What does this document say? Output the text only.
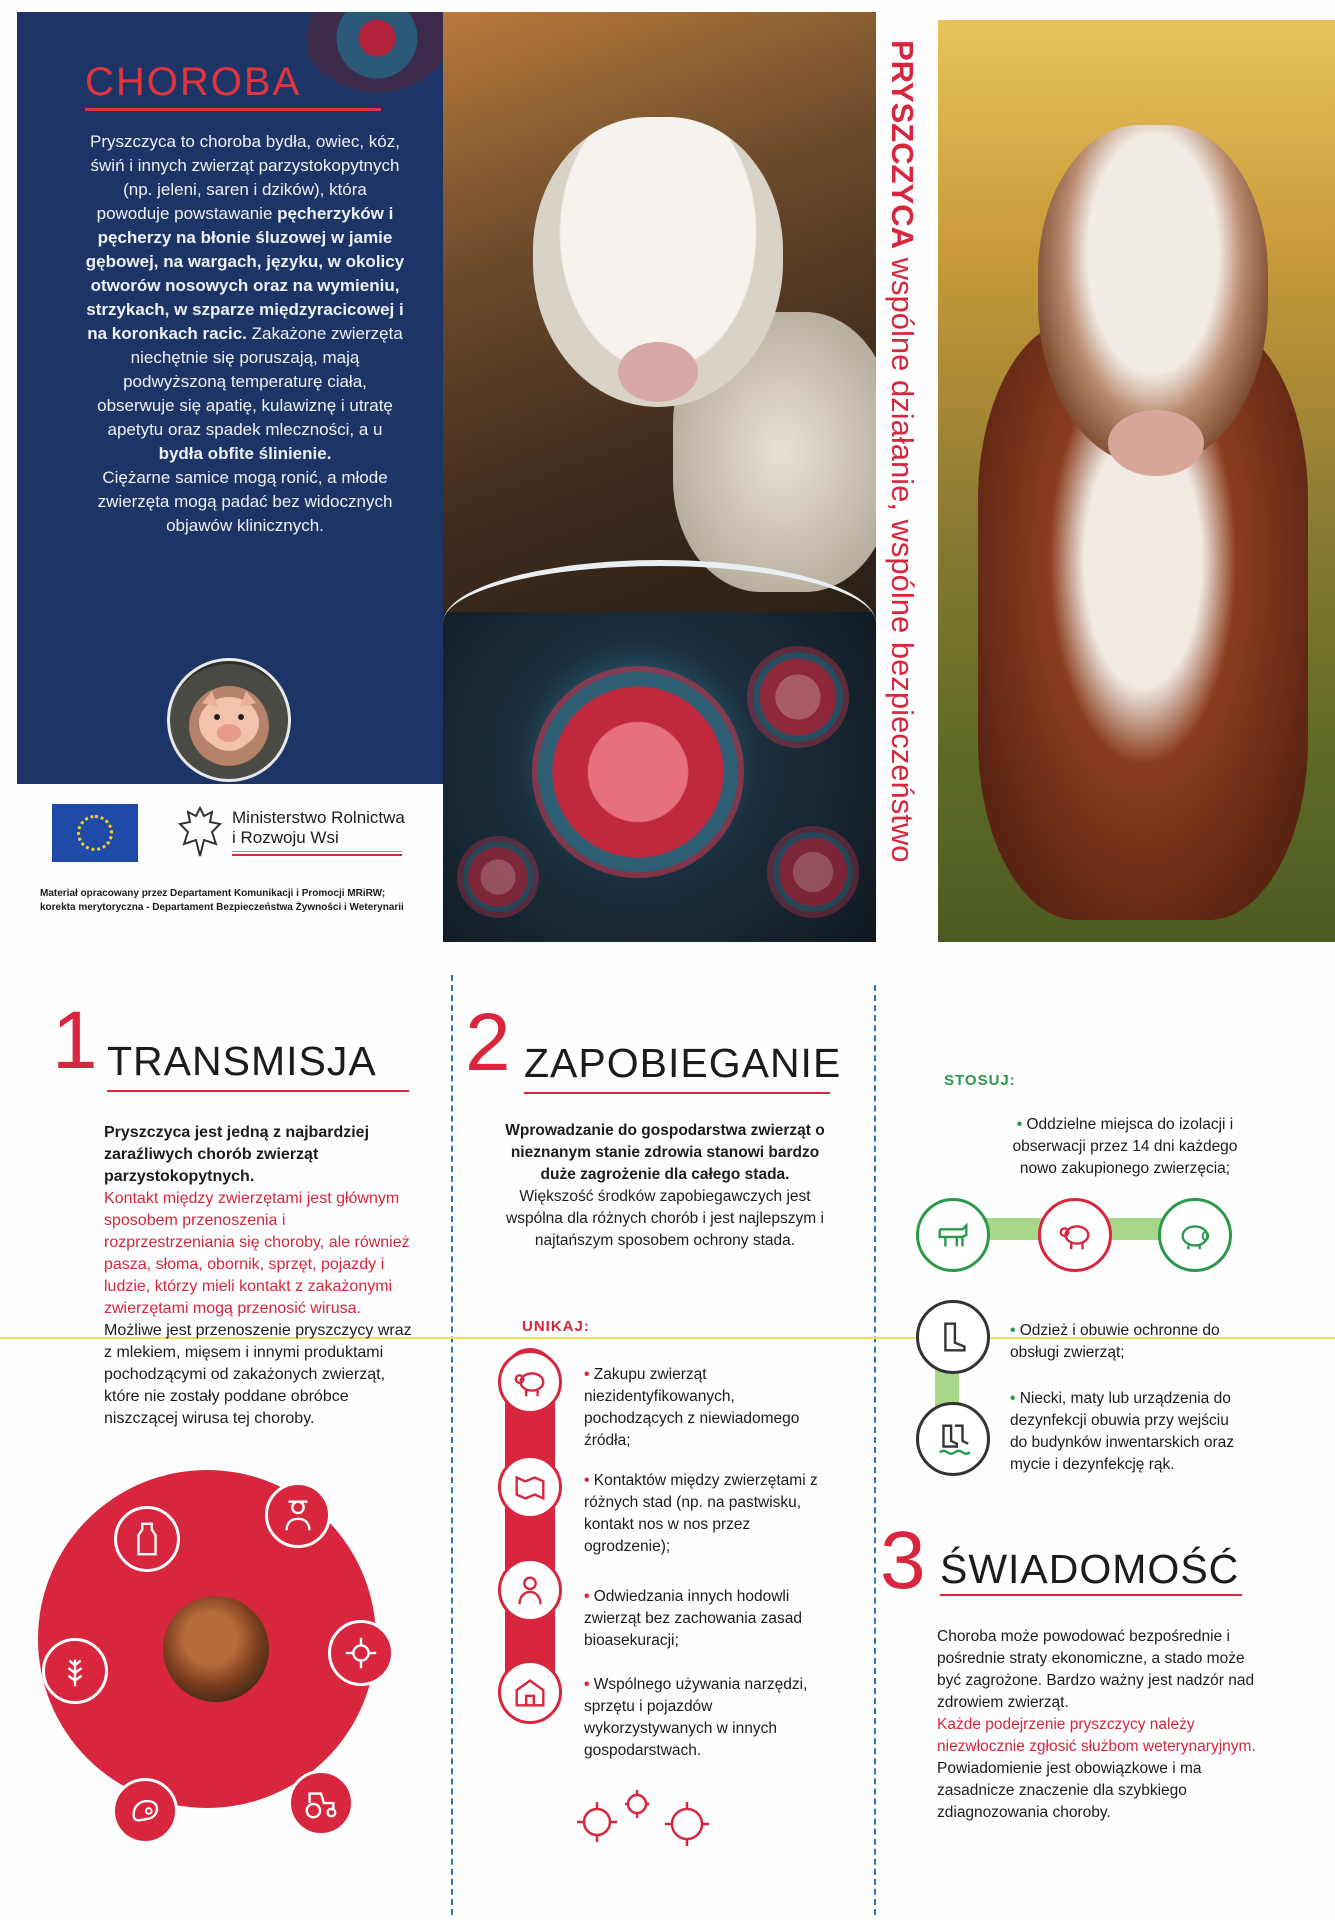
CHOROBA

Pryszczyca to choroba bydła, owiec, kóz, świń i innych zwierząt parzystokopytnych (np. jeleni, saren i dzików), która powoduje powstawanie pęcherzyków i pęcherzy na błonie śluzowej w jamie gębowej, na wargach, języku, w okolicy otworów nosowych oraz na wymieniu, strzykach, w szparze międzyracicowej i na koronkach racic. Zakażone zwierzęta niechętnie się poruszają, mają podwyższoną temperaturę ciała, obserwuje się apatię, kulawiznę i utratę apetytu oraz spadek mleczności, a u bydła obfite ślinienie.

Ciężarne samice mogą ronić, a młode zwierzęta mogą padać bez widocznych objawów klinicznych.

Ministerstwo Rolnictwa
i Rozwoju Wsi
Materiał opracowany przez Departament Komunikacji i Promocji MRiRW;
korekta merytoryczna - Departament Bezpieczeństwa Żywności i Weterynarii
PRYSZCZYCA wspólne działanie, wspólne bezpieczeństwo
1 TRANSMISJA

Pryszczyca jest jedną z najbardziej zaraźliwych chorób zwierząt parzystokopytnych.

Kontakt między zwierzętami jest głównym sposobem przenoszenia i rozprzestrzeniania się choroby, ale również pasza, słoma, obornik, sprzęt, pojazdy i ludzie, którzy mieli kontakt z zakażonymi zwierzętami mogą przenosić wirusa.

Możliwe jest przenoszenie pryszczycy wraz z mlekiem, mięsem i innymi produktami pochodzącymi od zakażonych zwierząt, które nie zostały poddane obróbce niszczącej wirusa tej choroby.

2 ZAPOBIEGANIE

Wprowadzanie do gospodarstwa zwierząt o nieznanym stanie zdrowia stanowi bardzo duże zagrożenie dla całego stada. Większość środków zapobiegawczych jest wspólna dla różnych chorób i jest najlepszym i najtańszym sposobem ochrony stada.

UNIKAJ:
• Zakupu zwierząt niezidentyfikowanych, pochodzących z niewiadomego źródła;
• Kontaktów między zwierzętami z różnych stad (np. na pastwisku, kontakt nos w nos przez ogrodzenie);
• Odwiedzania innych hodowli zwierząt bez zachowania zasad bioasekuracji;
• Wspólnego używania narzędzi, sprzętu i pojazdów wykorzystywanych w innych gospodarstwach.
STOSUJ:
• Oddzielne miejsca do izolacji i obserwacji przez 14 dni każdego nowo zakupionego zwierzęcia;
• Odzież i obuwie ochronne do obsługi zwierząt;
• Niecki, maty lub urządzenia do dezynfekcji obuwia przy wejściu do budynków inwentarskich oraz mycie i dezynfekcję rąk.
3 ŚWIADOMOŚĆ

Choroba może powodować bezpośrednie i pośrednie straty ekonomiczne, a stado może być zagrożone. Bardzo ważny jest nadzór nad zdrowiem zwierząt.

Każde podejrzenie pryszczycy należy niezwłocznie zgłosić służbom weterynaryjnym.

Powiadomienie jest obowiązkowe i ma zasadnicze znaczenie dla szybkiego zdiagnozowania choroby.
